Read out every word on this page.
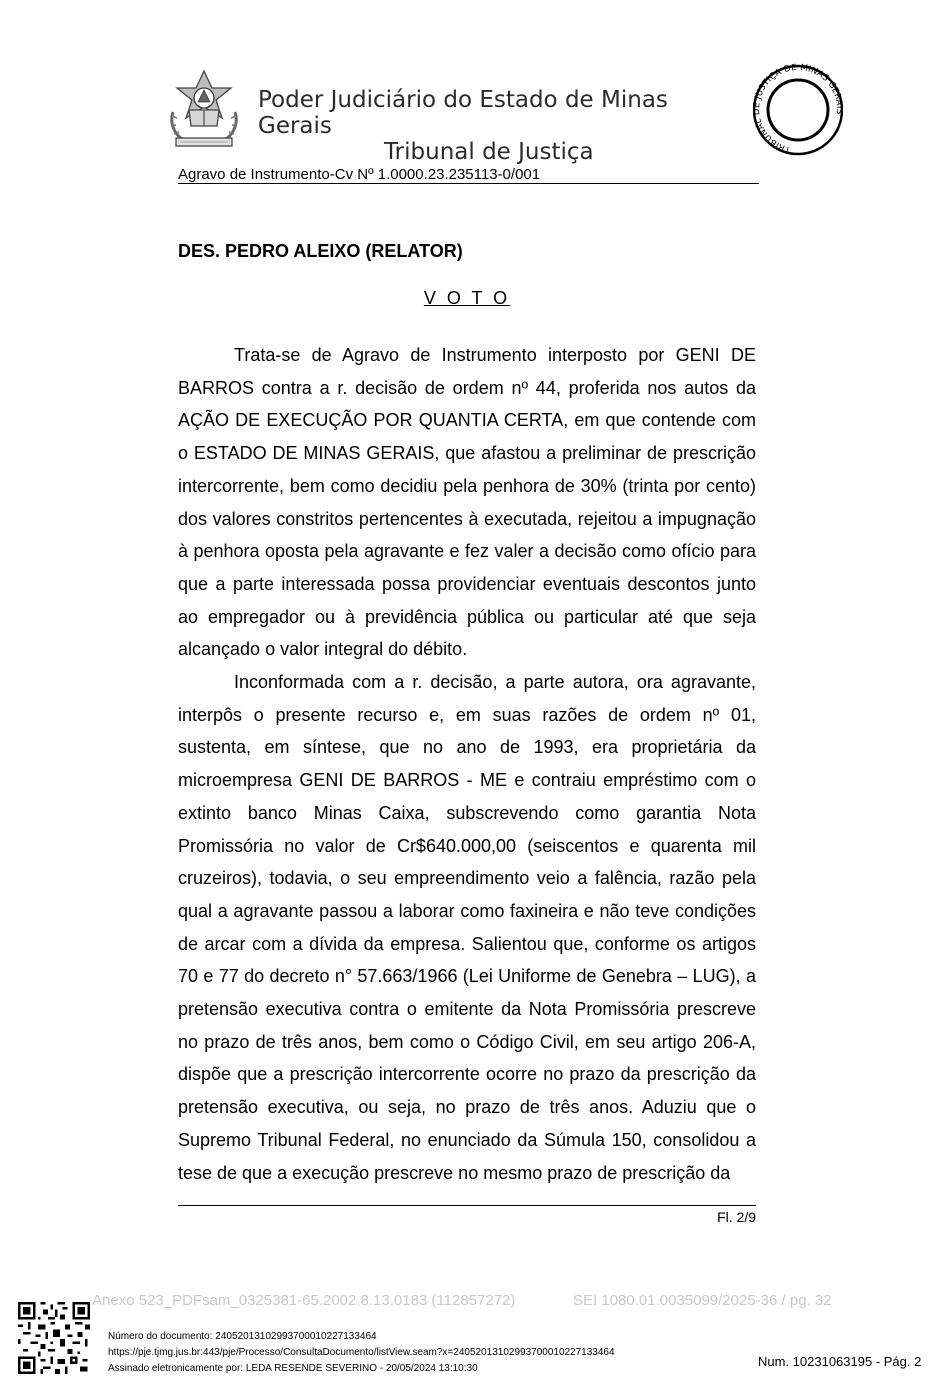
Poder Judiciário do Estado de Minas Gerais
Tribunal de Justiça	TRIBUNAL E JUSTIÇA DE MINAS GERA
Agravo de Instrumento-Cv Nº 1.0000.23.235113-0/001
DES. PEDRO ALEIXO (RELATOR)
V O T O

Trata-se de Agravo de Instrumento interposto por GENI DE BARROS contra a r. decisão de ordem nº 44, proferida nos autos da AÇÃO DE EXECUÇÃO POR QUANTIA CERTA, em que contende com o ESTADO DE MINAS GERAIS, que afastou a preliminar de prescrição intercorrente, bem como decidiu pela penhora de 30% (trinta por cento) dos valores constritos pertencentes à executada, rejeitou a impugnação à penhora oposta pela agravante e fez valer a decisão como ofício para que a parte interessada possa providenciar eventuais descontos junto ao empregador ou à previdência pública ou particular até que seja alcançado o valor integral do débito.

Inconformada com a r. decisão, a parte autora, ora agravante, interpôs o presente recurso e, em suas razões de ordem nº 01, sustenta, em síntese, que no ano de 1993, era proprietária da microempresa GENI DE BARROS - ME e contraiu empréstimo com o extinto banco Minas Caixa, subscrevendo como garantia Nota Promissória no valor de Cr$640.000,00 (seiscentos e quarenta mil cruzeiros), todavia, o seu empreendimento veio a falência, razão pela qual a agravante passou a laborar como faxineira e não teve condições de arcar com a dívida da empresa. Salientou que, conforme os artigos 70 e 77 do decreto n° 57.663/1966 (Lei Uniforme de Genebra – LUG), a pretensão executiva contra o emitente da Nota Promissória prescreve no prazo de três anos, bem como o Código Civil, em seu artigo 206-A, dispõe que a prescrição intercorrente ocorre no prazo da prescrição da pretensão executiva, ou seja, no prazo de três anos. Aduziu que o Supremo Tribunal Federal, no enunciado da Súmula 150, consolidou a tese de que a execução prescreve no mesmo prazo de prescrição da

Fl. 2/9
Anexo 523_PDFsam_0325381-65.2002.8.13.0183 (112857272)	SEI 1080.01.0035099/2025-36 / pg. 32
Número do documento: 24052013102993700010227133464
https://pje.tjmg.jus.br:443/pje/Processo/ConsultaDocumento/listView.seam?x=24052013102993700010227133464
Assinado eletronicamente por: LEDA RESENDE SEVERINO - 20/05/2024 13:10:30	Num. 10231063195 - Pág. 2
